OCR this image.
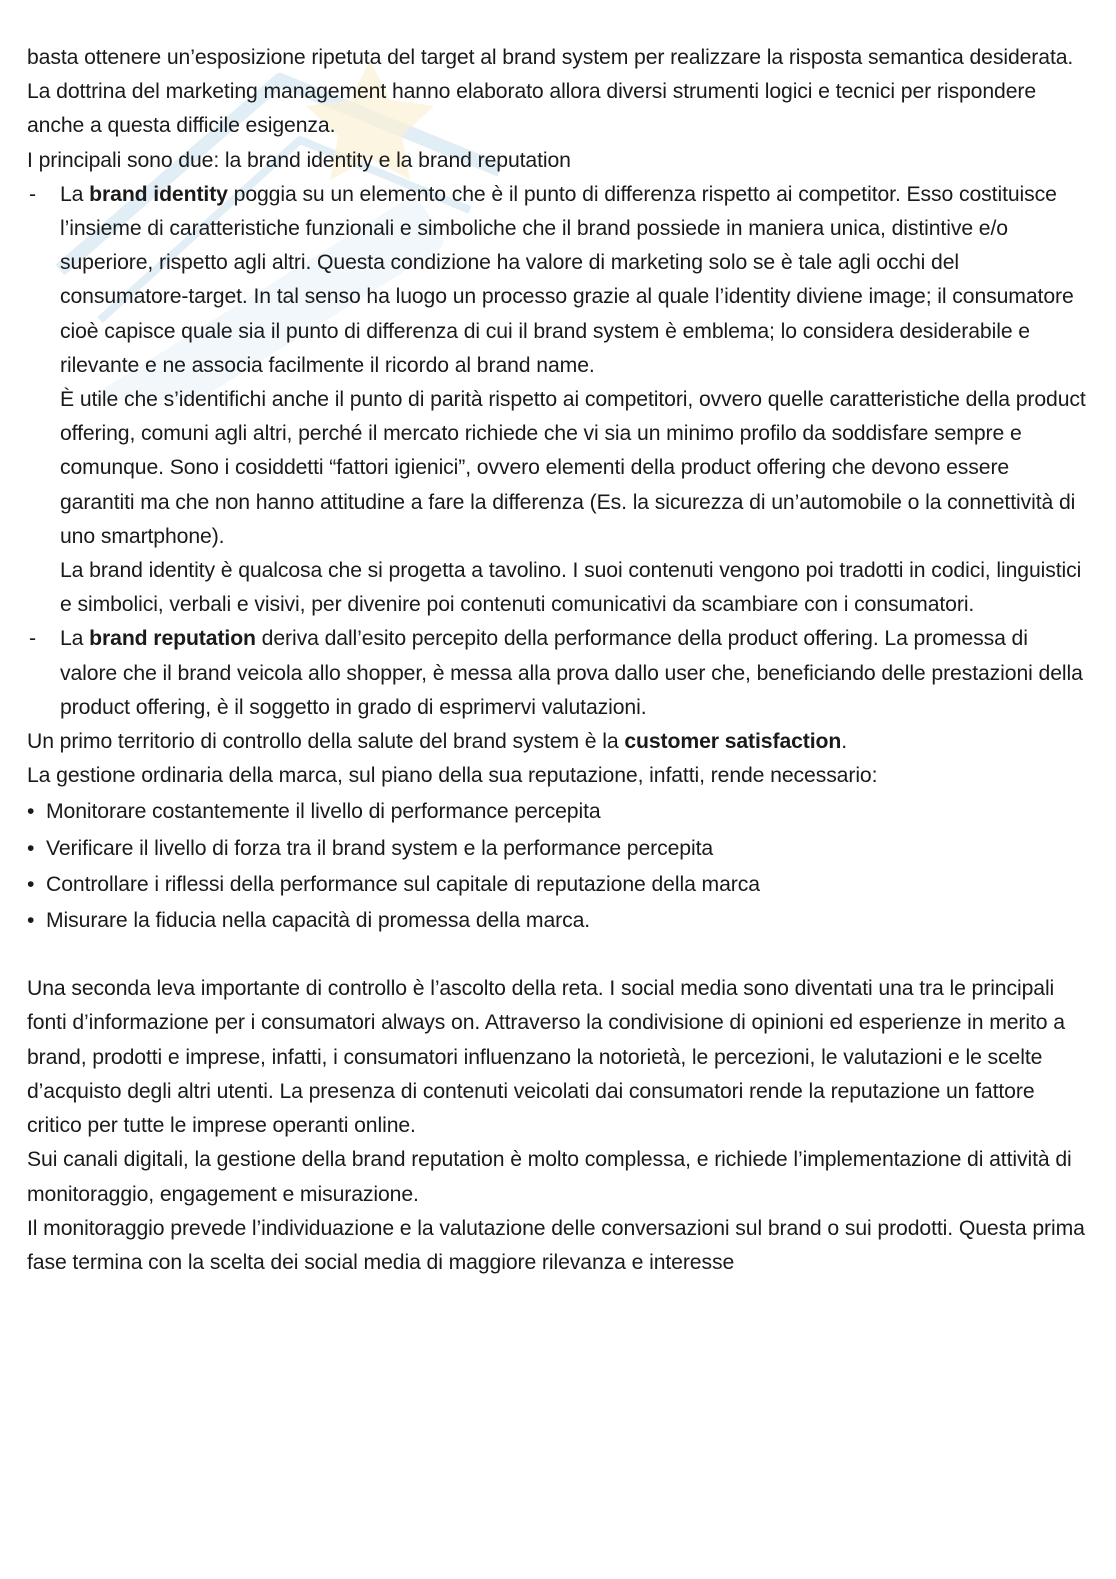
basta ottenere un’esposizione ripetuta del target al brand system per realizzare la risposta semantica desiderata.

La dottrina del marketing management hanno elaborato allora diversi strumenti logici e tecnici per rispondere anche a questa difficile esigenza.

I principali sono due: la brand identity e la brand reputation

- La brand identity poggia su un elemento che è il punto di differenza rispetto ai competitor. Esso costituisce l’insieme di caratteristiche funzionali e simboliche che il brand possiede in maniera unica, distintive e/o superiore, rispetto agli altri. Questa condizione ha valore di marketing solo se è tale agli occhi del consumatore-target. In tal senso ha luogo un processo grazie al quale l’identity diviene image; il consumatore cioè capisce quale sia il punto di differenza di cui il brand system è emblema; lo considera desiderabile e rilevante e ne associa facilmente il ricordo al brand name.

È utile che s’identifichi anche il punto di parità rispetto ai competitori, ovvero quelle caratteristiche della product offering, comuni agli altri, perché il mercato richiede che vi sia un minimo profilo da soddisfare sempre e comunque. Sono i cosiddetti “fattori igienici”, ovvero elementi della product offering che devono essere garantiti ma che non hanno attitudine a fare la differenza (Es. la sicurezza di un’automobile o la connettività di uno smartphone).

La brand identity è qualcosa che si progetta a tavolino. I suoi contenuti vengono poi tradotti in codici, linguistici e simbolici, verbali e visivi, per divenire poi contenuti comunicativi da scambiare con i consumatori.

- La brand reputation deriva dall’esito percepito della performance della product offering. La promessa di valore che il brand veicola allo shopper, è messa alla prova dallo user che, beneficiando delle prestazioni della product offering, è il soggetto in grado di esprimervi valutazioni.

Un primo territorio di controllo della salute del brand system è la customer satisfaction.

La gestione ordinaria della marca, sul piano della sua reputazione, infatti, rende necessario:

• Monitorare costantemente il livello di performance percepita
• Verificare il livello di forza tra il brand system e la performance percepita
• Controllare i riflessi della performance sul capitale di reputazione della marca
• Misurare la fiducia nella capacità di promessa della marca.

Una seconda leva importante di controllo è l’ascolto della reta. I social media sono diventati una tra le principali fonti d’informazione per i consumatori always on. Attraverso la condivisione di opinioni ed esperienze in merito a brand, prodotti e imprese, infatti, i consumatori influenzano la notorietà, le percezioni, le valutazioni e le scelte d’acquisto degli altri utenti. La presenza di contenuti veicolati dai consumatori rende la reputazione un fattore critico per tutte le imprese operanti online.

Sui canali digitali, la gestione della brand reputation è molto complessa, e richiede l’implementazione di attività di monitoraggio, engagement e misurazione.

Il monitoraggio prevede l’individuazione e la valutazione delle conversazioni sul brand o sui prodotti. Questa prima fase termina con la scelta dei social media di maggiore rilevanza e interesse
